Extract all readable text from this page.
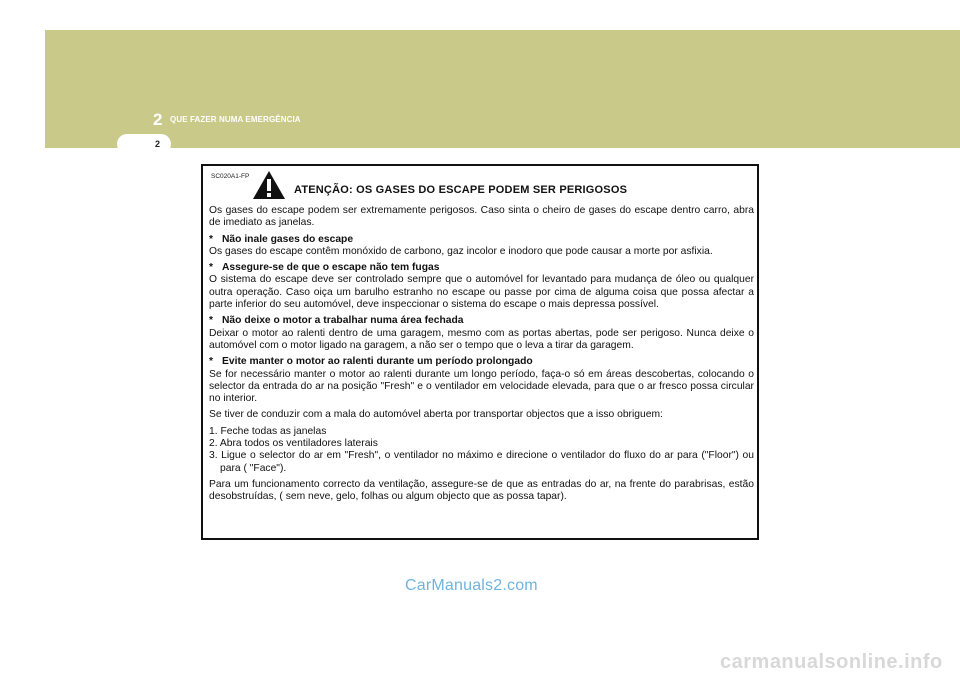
2 QUE FAZER NUMA EMERGÊNCIA
2
SC020A1-FP
ATENÇÃO: OS GASES DO ESCAPE PODEM SER PERIGOSOS

Os gases do escape podem ser extremamente perigosos. Caso sinta o cheiro de gases do escape dentro carro, abra de imediato as janelas.

* Não inale gases do escape

Os gases do escape contêm monóxido de carbono, gaz incolor e inodoro que pode causar a morte por asfixia.

* Assegure-se de que o escape não tem fugas

O sistema do escape deve ser controlado sempre que o automóvel for levantado para mudança de óleo ou qualquer outra operação. Caso oiça um barulho estranho no escape ou passe por cima de alguma coisa que possa afectar a parte inferior do seu automóvel, deve inspeccionar o sistema do escape o mais depressa possível.

* Não deixe o motor a trabalhar numa área fechada

Deixar o motor ao ralenti dentro de uma garagem, mesmo com as portas abertas, pode ser perigoso. Nunca deixe o automóvel com o motor ligado na garagem, a não ser o tempo que o leva a tirar da garagem.

* Evite manter o motor ao ralenti durante um período prolongado

Se for necessário manter o motor ao ralenti durante um longo período, faça-o só em áreas descobertas, colocando o selector da entrada do ar na posição "Fresh" e o ventilador em velocidade elevada, para que o ar fresco possa circular no interior.

Se tiver de conduzir com a mala do automóvel aberta por transportar objectos que a isso obriguem:

1. Feche todas as janelas
2. Abra todos os ventiladores laterais
3. Ligue o selector do ar em "Fresh", o ventilador no máximo e direcione o ventilador do fluxo do ar para ("Floor") ou para ( "Face").

Para um funcionamento correcto da ventilação, assegure-se de que as entradas do ar, na frente do parabrisas, estão desobstruídas, ( sem neve, gelo, folhas ou algum objecto que as possa tapar).

CarManuals2.com
carmanualsonline.info
